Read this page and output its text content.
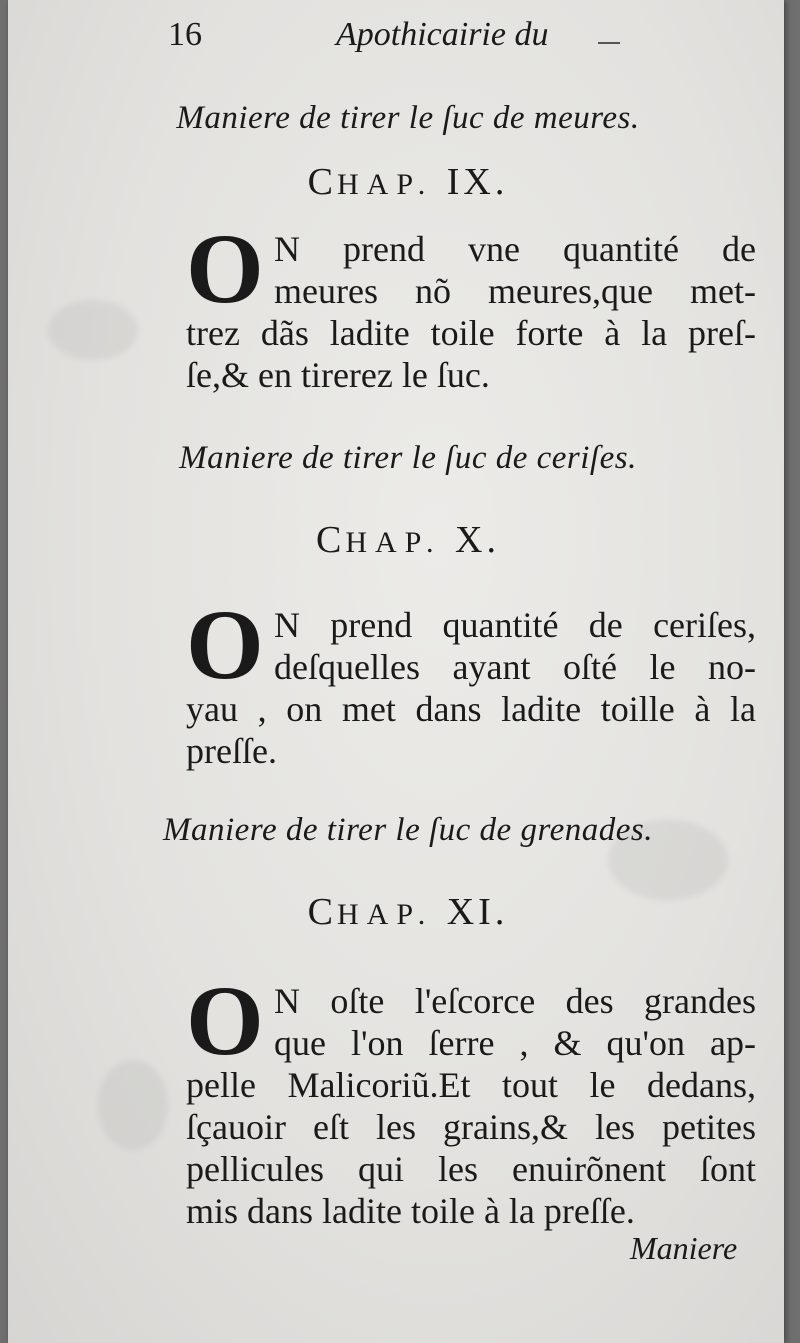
16	Apothicairie du
Maniere de tirer le ſuc de meures.
CHAP. IX.
O N prend vne quantité de
meures nõ meures,que met-
trez dãs ladite toile forte à la preſ-
ſe,& en tirerez le ſuc.
Maniere de tirer le ſuc de ceriſes.
CHAP. X.
O N prend quantité de ceriſes,
deſquelles ayant oſté le no-
yau , on met dans ladite toille à la
preſſe.
Maniere de tirer le ſuc de grenades.
CHAP. XI.
O N oſte l'eſcorce des grandes
que l'on ſerre , & qu'on ap-
pelle Malicoriũ.Et tout le dedans,
ſçauoir eſt les grains,& les petites
pellicules qui les enuirõnent ſont
mis dans ladite toile à la preſſe.
Maniere
